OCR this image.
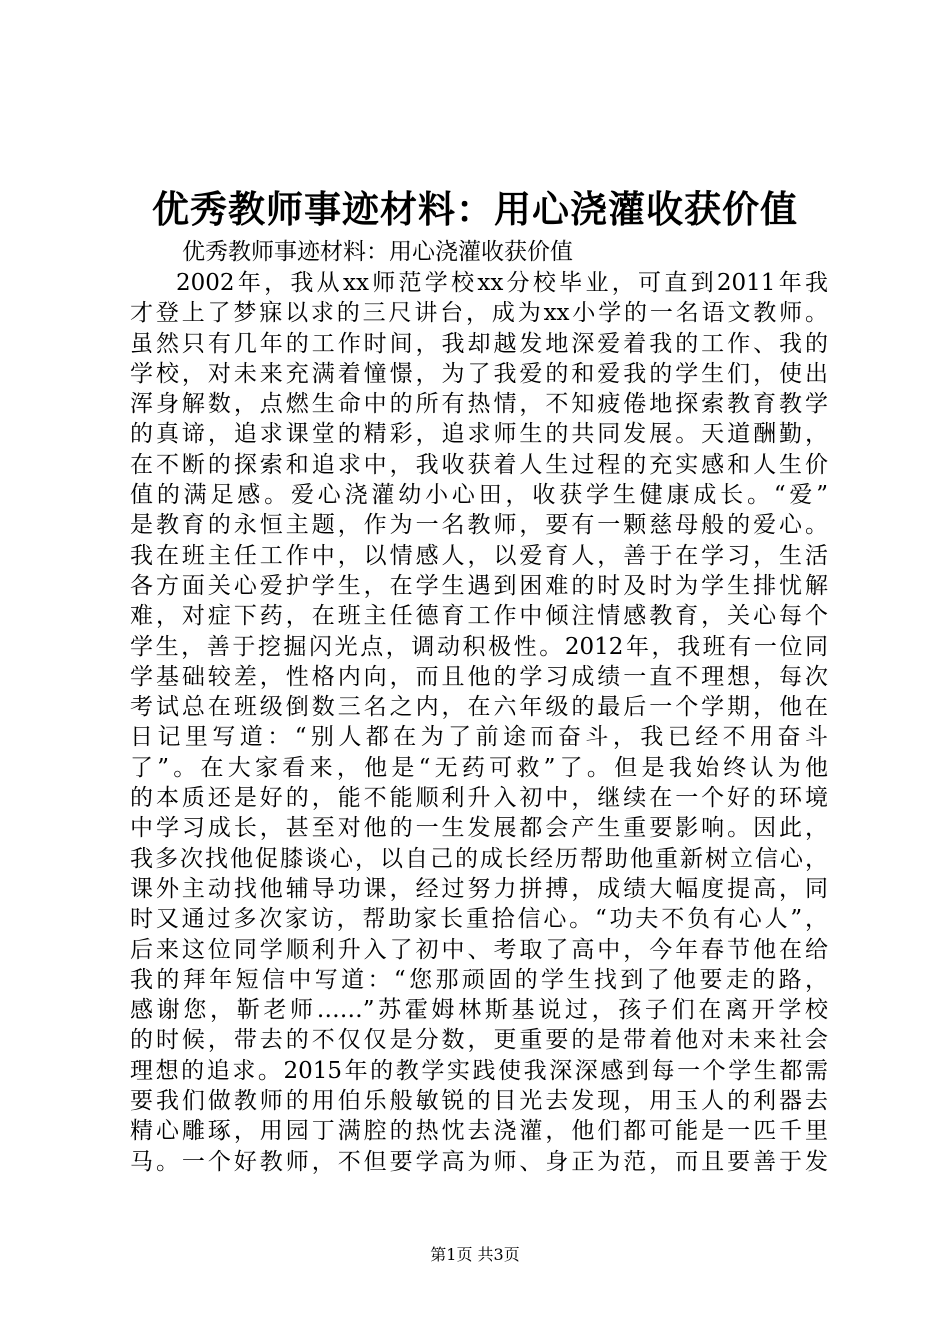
优秀教师事迹材料：用心浇灌收获价值
优秀教师事迹材料：用心浇灌收获价值
2002年，我从xx师范学校xx分校毕业，可直到2011年我
才登上了梦寐以求的三尺讲台，成为xx小学的一名语文教师。
虽然只有几年的工作时间，我却越发地深爱着我的工作、我的
学校，对未来充满着憧憬，为了我爱的和爱我的学生们，使出
浑身解数，点燃生命中的所有热情，不知疲倦地探索教育教学
的真谛，追求课堂的精彩，追求师生的共同发展。天道酬勤，
在不断的探索和追求中，我收获着人生过程的充实感和人生价
值的满足感。爱心浇灌幼小心田，收获学生健康成长。“爱”
是教育的永恒主题，作为一名教师，要有一颗慈母般的爱心。
我在班主任工作中，以情感人，以爱育人，善于在学习，生活
各方面关心爱护学生，在学生遇到困难的时及时为学生排忧解
难，对症下药，在班主任德育工作中倾注情感教育，关心每个
学生，善于挖掘闪光点，调动积极性。2012年，我班有一位同
学基础较差，性格内向，而且他的学习成绩一直不理想，每次
考试总在班级倒数三名之内，在六年级的最后一个学期，他在
日记里写道：“别人都在为了前途而奋斗，我已经不用奋斗
了”。在大家看来，他是“无药可救”了。但是我始终认为他
的本质还是好的，能不能顺利升入初中，继续在一个好的环境
中学习成长，甚至对他的一生发展都会产生重要影响。因此，
我多次找他促膝谈心，以自己的成长经历帮助他重新树立信心，
课外主动找他辅导功课，经过努力拼搏，成绩大幅度提高，同
时又通过多次家访，帮助家长重拾信心。“功夫不负有心人”，
后来这位同学顺利升入了初中、考取了高中，今年春节他在给
我的拜年短信中写道：“您那顽固的学生找到了他要走的路，
感谢您，靳老师……”苏霍姆林斯基说过，孩子们在离开学校
的时候，带去的不仅仅是分数，更重要的是带着他对未来社会
理想的追求。2015年的教学实践使我深深感到每一个学生都需
要我们做教师的用伯乐般敏锐的目光去发现，用玉人的利器去
精心雕琢，用园丁满腔的热忱去浇灌，他们都可能是一匹千里
马。一个好教师，不但要学高为师、身正为范，而且要善于发
第1页 共3页
